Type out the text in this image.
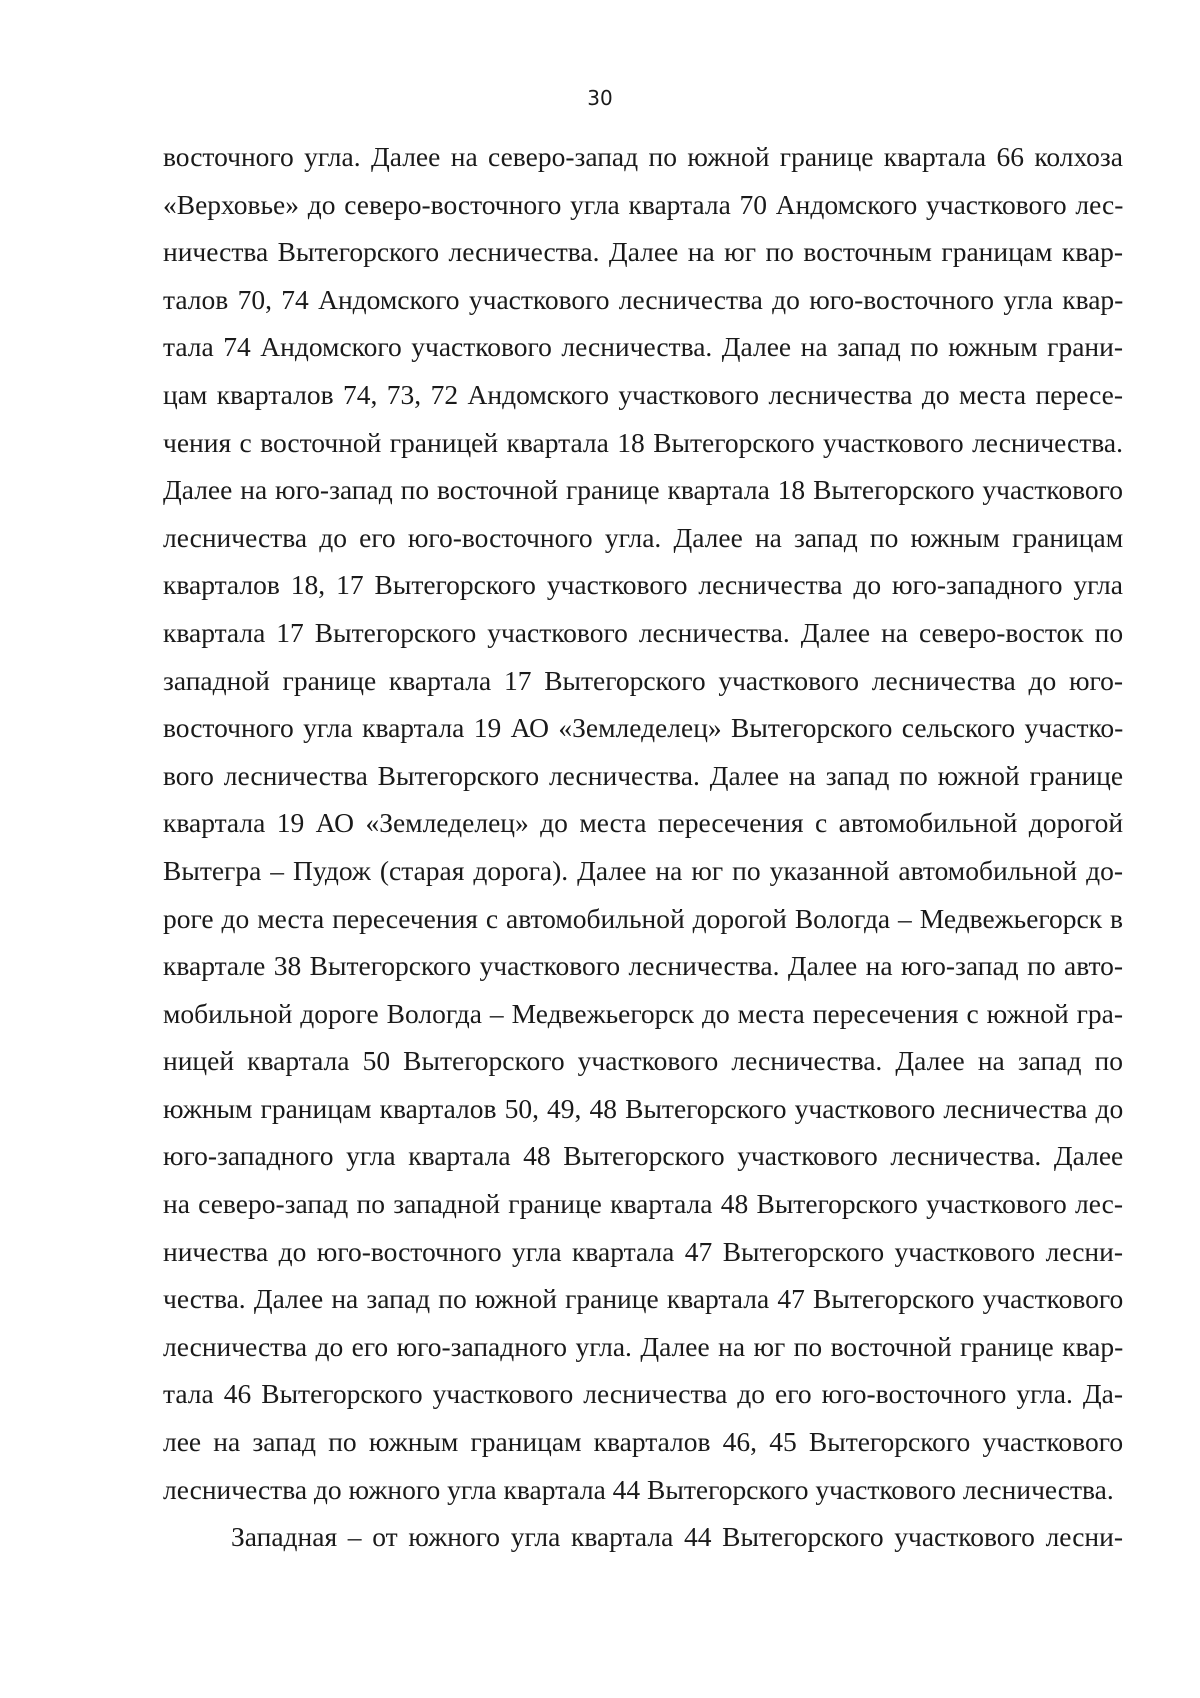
30
восточного угла. Далее на северо-запад по южной границе квартала 66 колхоза
«Верховье» до северо-восточного угла квартала 70 Андомского участкового лес-
ничества Вытегорского лесничества. Далее на юг по восточным границам квар-
талов 70, 74 Андомского участкового лесничества до юго-восточного угла квар-
тала 74 Андомского участкового лесничества. Далее на запад по южным грани-
цам кварталов 74, 73, 72 Андомского участкового лесничества до места пересе-
чения с восточной границей квартала 18 Вытегорского участкового лесничества.
Далее на юго-запад по восточной границе квартала 18 Вытегорского участкового
лесничества до его юго-восточного угла. Далее на запад по южным границам
кварталов 18, 17 Вытегорского участкового лесничества до юго-западного угла
квартала 17 Вытегорского участкового лесничества. Далее на северо-восток по
западной границе квартала 17 Вытегорского участкового лесничества до юго-
восточного угла квартала 19 АО «Земледелец» Вытегорского сельского участко-
вого лесничества Вытегорского лесничества. Далее на запад по южной границе
квартала 19 АО «Земледелец» до места пересечения с автомобильной дорогой
Вытегра – Пудож (старая дорога). Далее на юг по указанной автомобильной до-
роге до места пересечения с автомобильной дорогой Вологда – Медвежьегорск в
квартале 38 Вытегорского участкового лесничества. Далее на юго-запад по авто-
мобильной дороге Вологда – Медвежьегорск до места пересечения с южной гра-
ницей квартала 50 Вытегорского участкового лесничества. Далее на запад по
южным границам кварталов 50, 49, 48 Вытегорского участкового лесничества до
юго-западного угла квартала 48 Вытегорского участкового лесничества. Далее
на северо-запад по западной границе квартала 48 Вытегорского участкового лес-
ничества до юго-восточного угла квартала 47 Вытегорского участкового лесни-
чества. Далее на запад по южной границе квартала 47 Вытегорского участкового
лесничества до его юго-западного угла. Далее на юг по восточной границе квар-
тала 46 Вытегорского участкового лесничества до его юго-восточного угла. Да-
лее на запад по южным границам кварталов 46, 45 Вытегорского участкового
лесничества до южного угла квартала 44 Вытегорского участкового лесничества.
Западная – от южного угла квартала 44 Вытегорского участкового лесни-
